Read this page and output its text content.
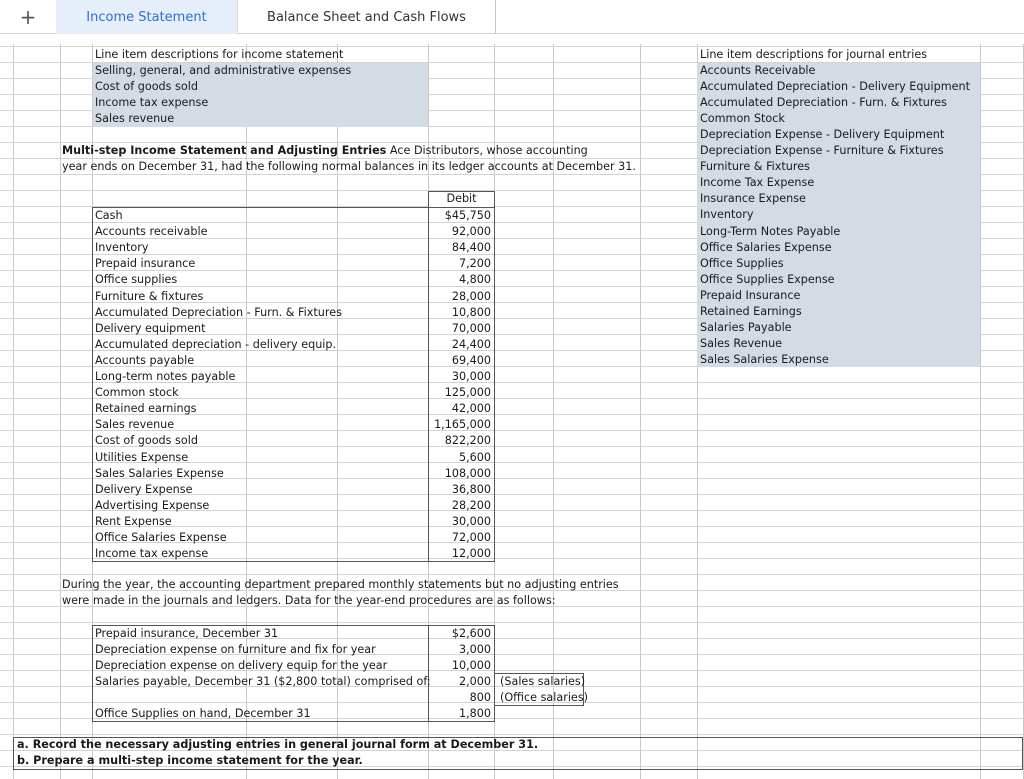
+	Income Statement	Balance Sheet and Cash Flows
Line item descriptions for income statement
Selling, general, and administrative expenses
Cost of goods sold
Income tax expense
Sales revenue
Multi-step Income Statement and Adjusting Entries Ace Distributors, whose accounting
year ends on December 31, had the following normal balances in its ledger accounts at December 31.
Debit
Cash	$45,750
Accounts receivable	92,000
Inventory	84,400
Prepaid insurance	7,200
Office supplies	4,800
Furniture & fixtures	28,000
Accumulated Depreciation - Furn. & Fixtures	10,800
Delivery equipment	70,000
Accumulated depreciation - delivery equip.	24,400
Accounts payable	69,400
Long-term notes payable	30,000
Common stock	125,000
Retained earnings	42,000
Sales revenue	1,165,000
Cost of goods sold	822,200
Utilities Expense	5,600
Sales Salaries Expense	108,000
Delivery Expense	36,800
Advertising Expense	28,200
Rent Expense	30,000
Office Salaries Expense	72,000
Income tax expense	12,000
During the year, the accounting department prepared monthly statements but no adjusting entries
were made in the journals and ledgers. Data for the year-end procedures are as follows:
Prepaid insurance, December 31	$2,600
Depreciation expense on furniture and fix for year	3,000
Depreciation expense on delivery equip for the year	10,000
Salaries payable, December 31 ($2,800 total) comprised of:	2,000 (Sales salaries)
800 (Office salaries)
Office Supplies on hand, December 31	1,800
a. Record the necessary adjusting entries in general journal form at December 31.
b. Prepare a multi-step income statement for the year.
Line item descriptions for journal entries
Accounts Receivable
Accumulated Depreciation - Delivery Equipment
Accumulated Depreciation - Furn. & Fixtures
Common Stock
Depreciation Expense - Delivery Equipment
Depreciation Expense - Furniture & Fixtures
Furniture & Fixtures
Income Tax Expense
Insurance Expense
Inventory
Long-Term Notes Payable
Office Salaries Expense
Office Supplies
Office Supplies Expense
Prepaid Insurance
Retained Earnings
Salaries Payable
Sales Revenue
Sales Salaries Expense
